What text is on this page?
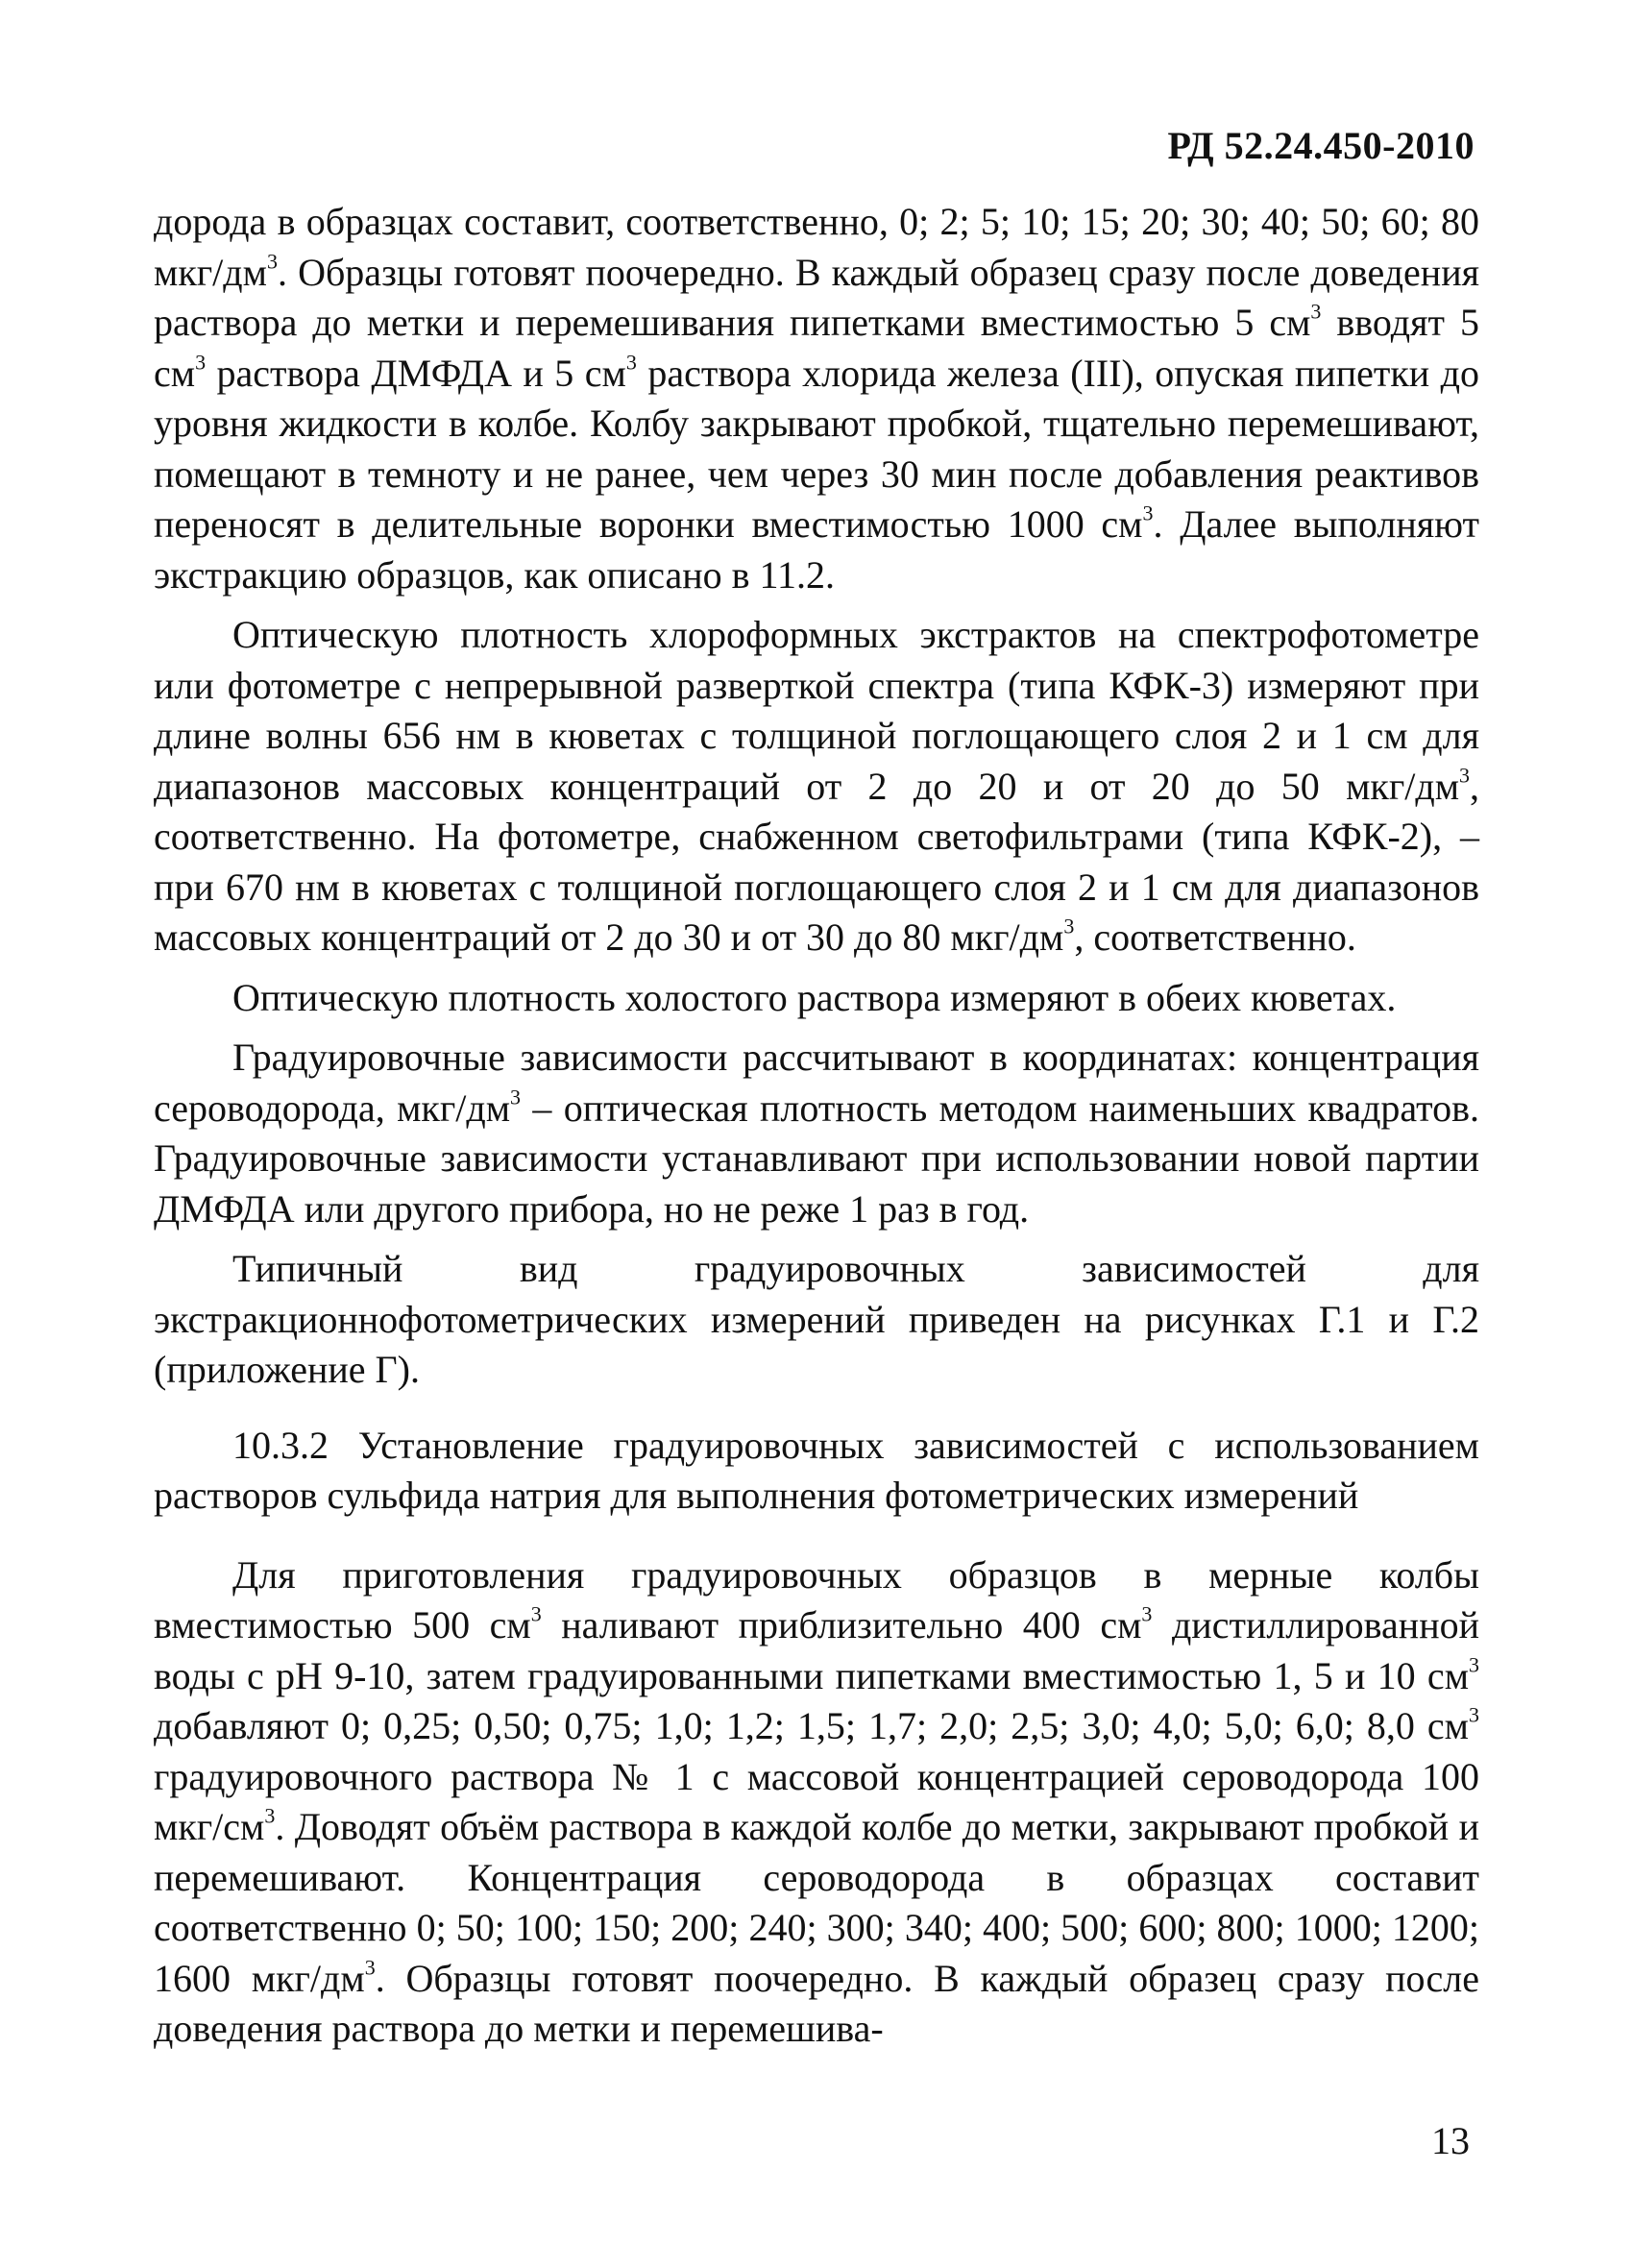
РД 52.24.450-2010

дорода в образцах составит, соответственно, 0; 2; 5; 10; 15; 20; 30; 40; 50; 60; 80 мкг/$дм^3$. Образцы готовят поочередно. В каждый образец сразу после доведения раствора до метки и перемешивания пипетками вместимостью 5 $см^3$ вводят 5 $см^3$ раствора ДМФДА и 5 $см^3$ раствора хлорида железа (III), опуская пипетки до уровня жидкости в колбе. Колбу закрывают пробкой, тщательно перемешивают, помещают в темноту и не ранее, чем через 30 мин после добавления реактивов переносят в делительные воронки вместимостью 1000 $см^3$. Далее выполняют экстракцию образцов, как описано в 11.2.

Оптическую плотность хлороформных экстрактов на спектрофотометре или фотометре с непрерывной разверткой спектра (типа КФК-3) измеряют при длине волны 656 нм в кюветах с толщиной поглощающего слоя 2 и 1 см для диапазонов массовых концентраций от 2 до 20 и от 20 до 50 мкг/$дм^3$, соответственно. На фотометре, снабженном светофильтрами (типа КФК-2), – при 670 нм в кюветах с толщиной поглощающего слоя 2 и 1 см для диапазонов массовых концентраций от 2 до 30 и от 30 до 80 мкг/$дм^3$, соответственно.

Оптическую плотность холостого раствора измеряют в обеих кюветах.

Градуировочные зависимости рассчитывают в координатах: концентрация сероводорода, мкг/$дм^3$ – оптическая плотность методом наименьших квадратов. Градуировочные зависимости устанавливают при использовании новой партии ДМФДА или другого прибора, но не реже 1 раз в год.

Типичный вид градуировочных зависимостей для экстракционнофотометрических измерений приведен на рисунках Г.1 и Г.2 (приложение Г).

10.3.2 Установление градуировочных зависимостей с использованием растворов сульфида натрия для выполнения фотометрических измерений

Для приготовления градуировочных образцов в мерные колбы вместимостью 500 $см^3$ наливают приблизительно 400 $см^3$ дистиллированной воды с рН 9-10, затем градуированными пипетками вместимостью 1, 5 и 10 $см^3$ добавляют 0; 0,25; 0,50; 0,75; 1,0; 1,2; 1,5; 1,7; 2,0; 2,5; 3,0; 4,0; 5,0; 6,0; 8,0 $см^3$ градуировочного раствора № 1 с массовой концентрацией сероводорода 100 мкг/$см^3$. Доводят объём раствора в каждой колбе до метки, закрывают пробкой и перемешивают. Концентрация сероводорода в образцах составит соответственно 0; 50; 100; 150; 200; 240; 300; 340; 400; 500; 600; 800; 1000; 1200; 1600 мкг/$дм^3$. Образцы готовят поочередно. В каждый образец сразу после доведения раствора до метки и перемешива-

13
